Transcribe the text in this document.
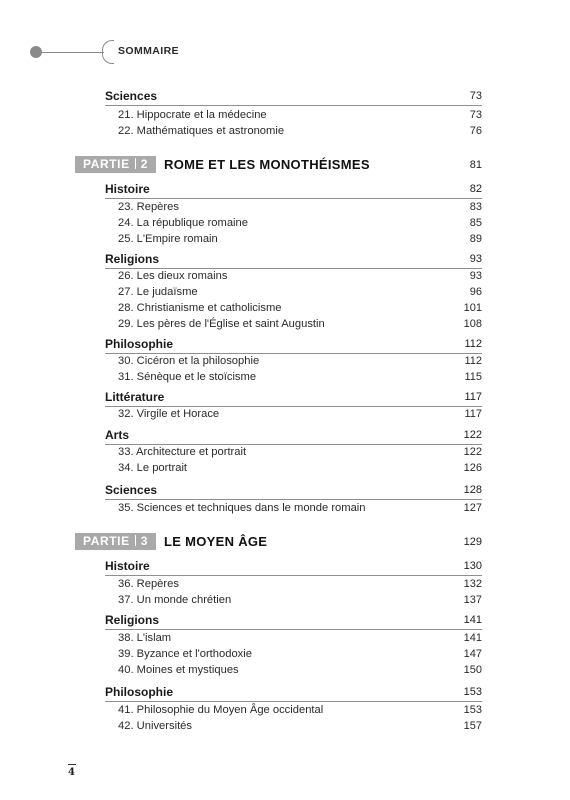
SOMMAIRE
Sciences	73
21. Hippocrate et la médecine	73
22. Mathématiques et astronomie	76
PARTIE 2	ROME ET LES MONOTHÉISMES	81
Histoire	82
23. Repères	83
24. La république romaine	85
25. L'Empire romain	89
Religions	93
26. Les dieux romains	93
27. Le judaïsme	96
28. Christianisme et catholicisme	101
29. Les pères de l'Église et saint Augustin	108
Philosophie	112
30. Cicéron et la philosophie	112
31. Sénèque et le stoïcisme	115
Littérature	117
32. Virgile et Horace	117
Arts	122
33. Architecture et portrait	122
34. Le portrait	126
Sciences	128
35. Sciences et techniques dans le monde romain	127
PARTIE 3	LE MOYEN ÂGE	129
Histoire	130
36. Repères	132
37. Un monde chrétien	137
Religions	141
38. L'islam	141
39. Byzance et l'orthodoxie	147
40. Moines et mystiques	150
Philosophie	153
41. Philosophie du Moyen Âge occidental	153
42. Universités	157
4
